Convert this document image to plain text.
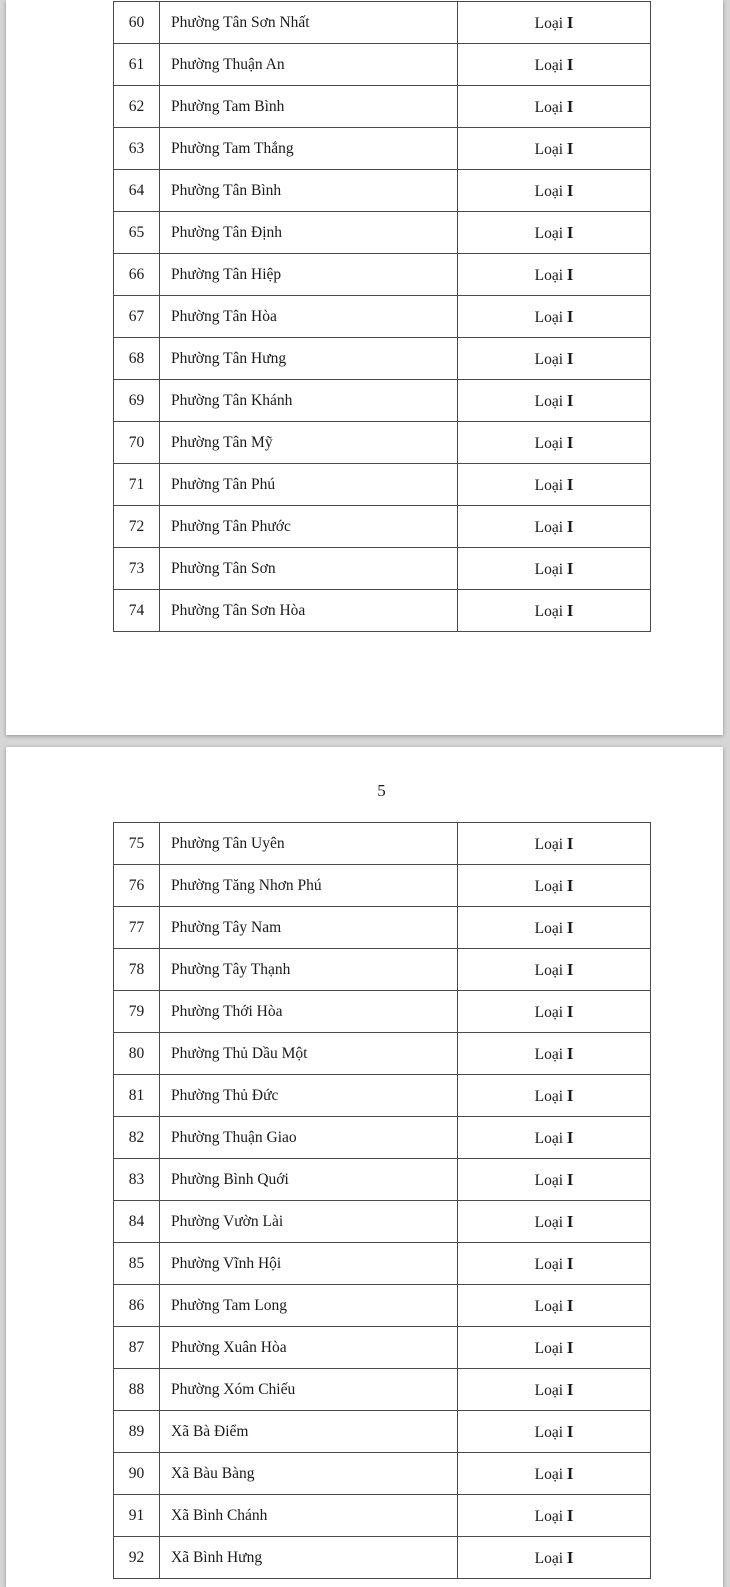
60	Phường Tân Sơn Nhất	Loại I
61	Phường Thuận An	Loại I
62	Phường Tam Bình	Loại I
63	Phường Tam Thắng	Loại I
64	Phường Tân Bình	Loại I
65	Phường Tân Định	Loại I
66	Phường Tân Hiệp	Loại I
67	Phường Tân Hòa	Loại I
68	Phường Tân Hưng	Loại I
69	Phường Tân Khánh	Loại I
70	Phường Tân Mỹ	Loại I
71	Phường Tân Phú	Loại I
72	Phường Tân Phước	Loại I
73	Phường Tân Sơn	Loại I
74	Phường Tân Sơn Hòa	Loại I
5
75	Phường Tân Uyên	Loại I
76	Phường Tăng Nhơn Phú	Loại I
77	Phường Tây Nam	Loại I
78	Phường Tây Thạnh	Loại I
79	Phường Thới Hòa	Loại I
80	Phường Thủ Dầu Một	Loại I
81	Phường Thủ Đức	Loại I
82	Phường Thuận Giao	Loại I
83	Phường Bình Quới	Loại I
84	Phường Vườn Lài	Loại I
85	Phường Vĩnh Hội	Loại I
86	Phường Tam Long	Loại I
87	Phường Xuân Hòa	Loại I
88	Phường Xóm Chiếu	Loại I
89	Xã Bà Điểm	Loại I
90	Xã Bàu Bàng	Loại I
91	Xã Bình Chánh	Loại I
92	Xã Bình Hưng	Loại I
